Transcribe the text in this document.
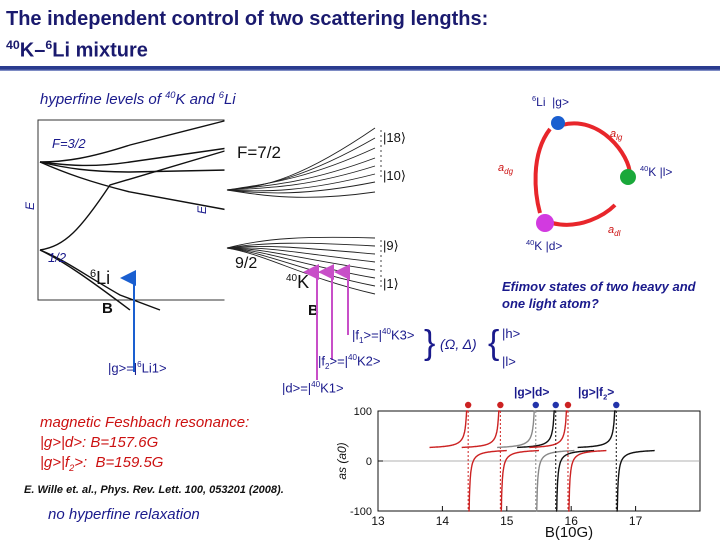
The independent control of two scattering lengths:
$^{40}$K–$^6$Li mixture
hyperfine levels of $^{40}$K and $^6$Li
F=3/2
1/2
E
$^6$Li
B
E
F=7/2
9/2
|18⟩
|10⟩
|9⟩
|1⟩
$^{40}$K
B
$|f_1>=|^{40}K3>$
$|f_2>=|^{40}K2>$
$|d>=|^{40}K1>$
$|g>=|^6Li1>$
} (Ω, Δ) { |h>
|l>
$a_{lg}$
$a_{dg}$
$a_{dl}$
$^6$Li  |g>
$^{40}$K |l>
$^{40}$K |d>
Efimov states of two heavy and one light atom?
magnetic Feshbach resonance:
|g>|d>: B=157.6G
$|g>|f_2>$:  B=159.5G
E. Wille et. al., Phys. Rev. Lett. 100, 053201 (2008).
no hyperfine relaxation
$|g>|d> |g>|f_2>$
100
0
-100
13	14	15	16	17
as (a0)
B(10G)
